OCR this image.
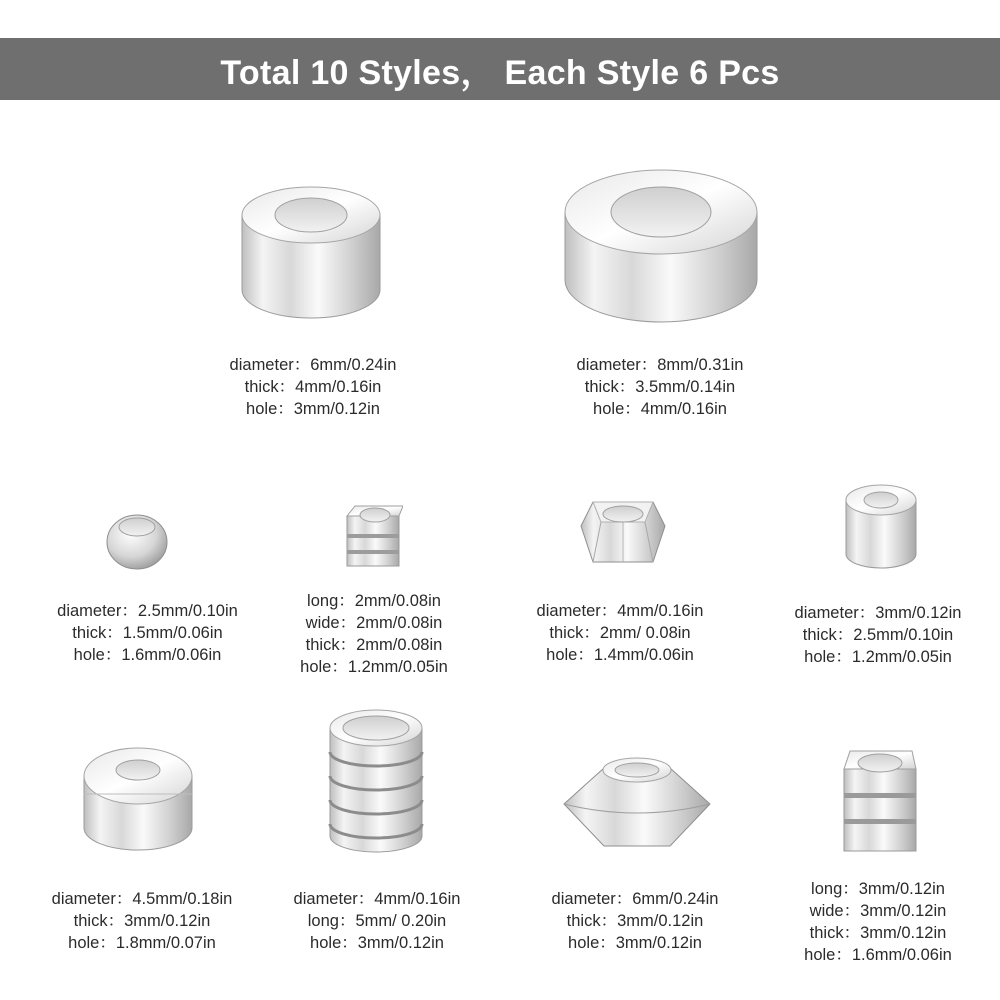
Total 10 Styles， Each Style 6 Pcs
diameter：6mm/0.24in
thick：4mm/0.16in
hole：3mm/0.12in
diameter：8mm/0.31in
thick：3.5mm/0.14in
hole：4mm/0.16in
diameter：2.5mm/0.10in
thick：1.5mm/0.06in
hole：1.6mm/0.06in
long：2mm/0.08in
wide：2mm/0.08in
thick：2mm/0.08in
hole：1.2mm/0.05in
diameter：4mm/0.16in
thick：2mm/ 0.08in
hole：1.4mm/0.06in
diameter：3mm/0.12in
thick：2.5mm/0.10in
hole：1.2mm/0.05in
diameter：4.5mm/0.18in
thick：3mm/0.12in
hole：1.8mm/0.07in
diameter：4mm/0.16in
long：5mm/ 0.20in
hole：3mm/0.12in
diameter：6mm/0.24in
thick：3mm/0.12in
hole：3mm/0.12in
long：3mm/0.12in
wide：3mm/0.12in
thick：3mm/0.12in
hole：1.6mm/0.06in
